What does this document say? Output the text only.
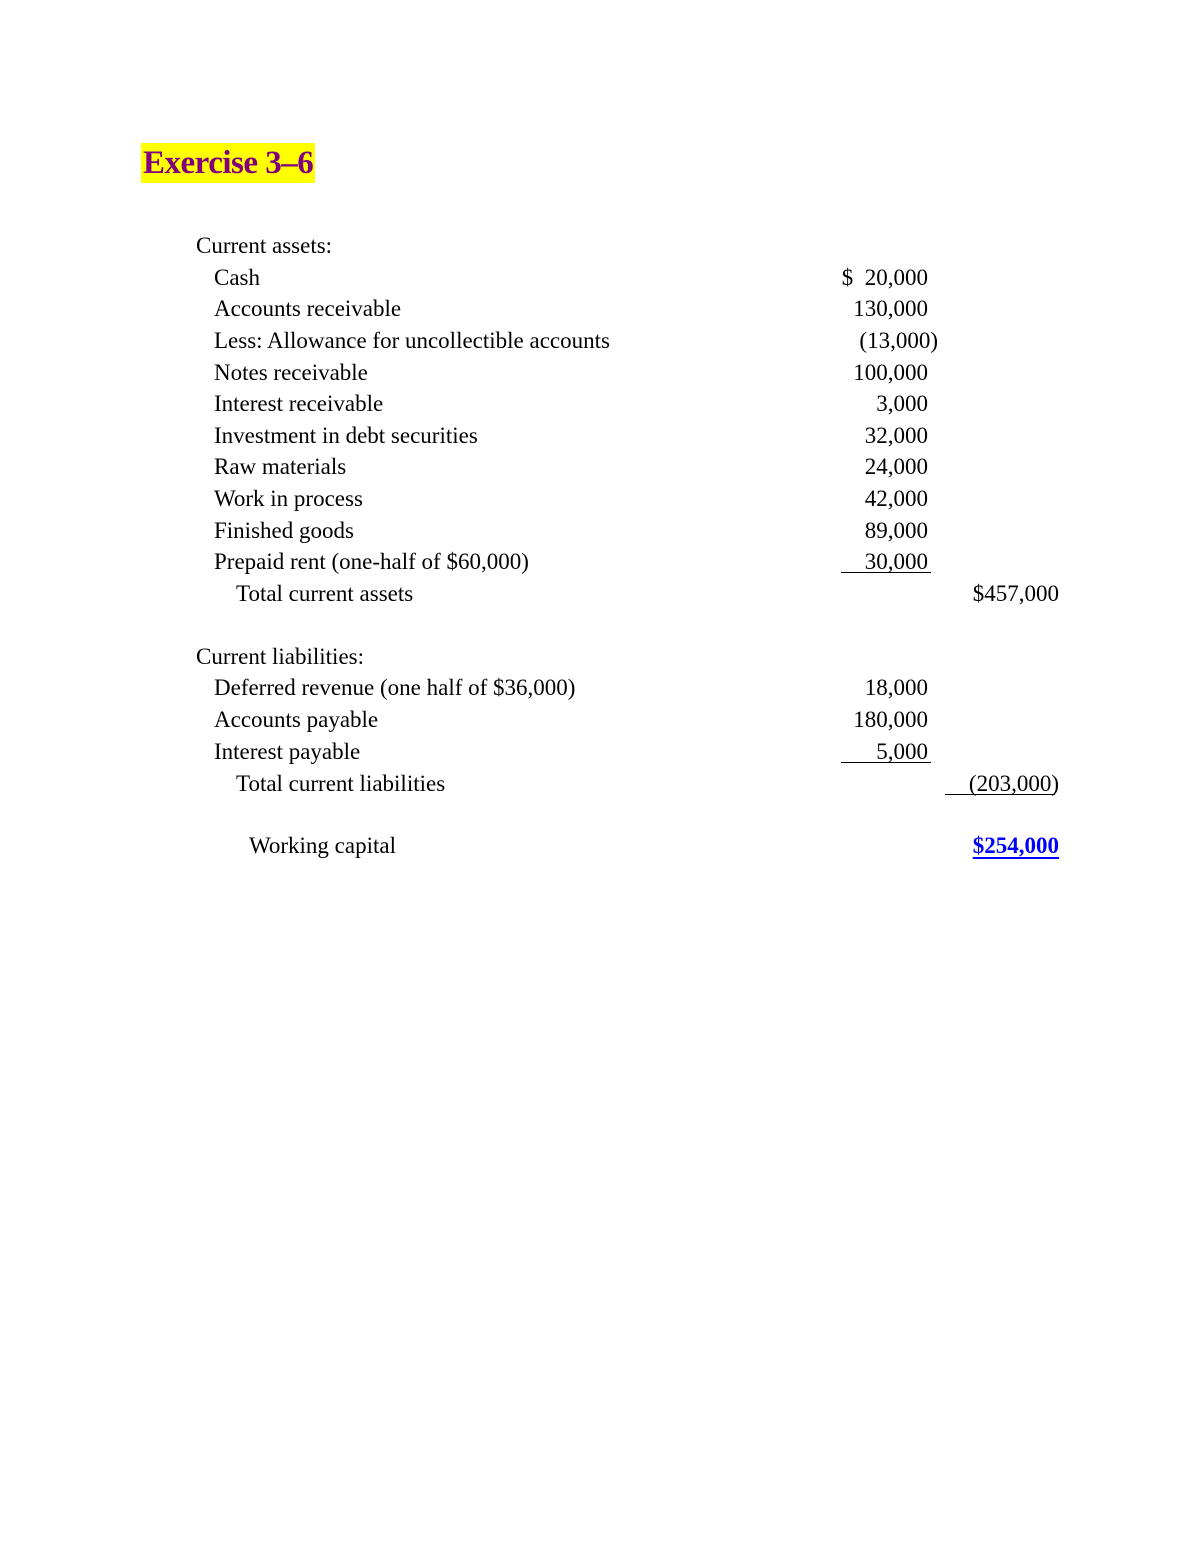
Exercise 3–6
Current assets:
Cash	$  20,000
Accounts receivable	130,000
Less: Allowance for uncollectible accounts	(13,000)
Notes receivable	100,000
Interest receivable	3,000
Investment in debt securities	32,000
Raw materials	24,000
Work in process	42,000
Finished goods	89,000
Prepaid rent (one-half of $60,000)	30,000
Total current assets	$457,000
Current liabilities:
Deferred revenue (one half of $36,000)	18,000
Accounts payable	180,000
Interest payable	5,000
Total current liabilities	(203,000)
Working capital	$254,000
